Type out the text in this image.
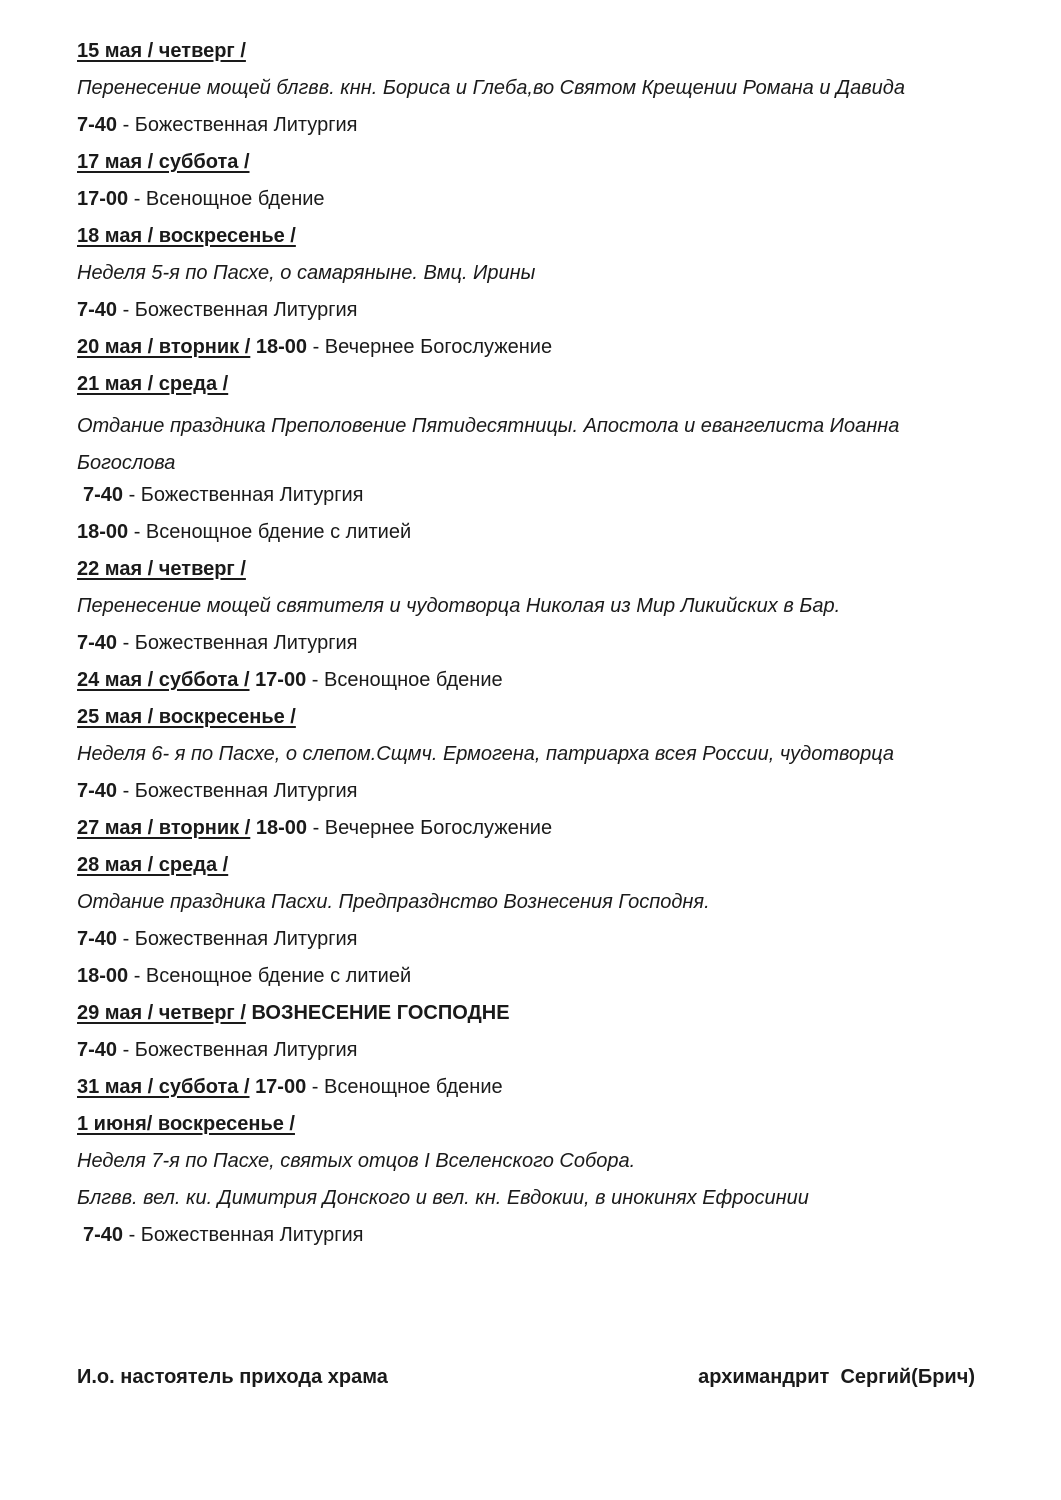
15 мая / четверг /
Перенесение мощей блгвв. кнн. Бориса и Глеба,во Святом Крещении Романа и Давида
7-40 - Божественная Литургия
17 мая / суббота /
17-00 - Всенощное бдение
18 мая / воскресенье /
Неделя 5-я по Пасхе, о самаряныне. Вмц. Ирины
7-40 - Божественная Литургия
20 мая / вторник / 18-00 - Вечернее Богослужение
21 мая / среда /
Отдание праздника Преполовение Пятидесятницы. Апостола и евангелиста Иоанна Богослова
7-40 - Божественная Литургия
18-00 - Всенощное бдение с литией
22 мая / четверг /
Перенесение мощей святителя и чудотворца Николая из Мир Ликийских в Бар.
7-40 - Божественная Литургия
24 мая / суббота / 17-00 - Всенощное бдение
25 мая / воскресенье /
Неделя 6- я по Пасхе, о слепом.Сщмч. Ермогена, патриарха всея России, чудотворца
7-40 - Божественная Литургия
27 мая / вторник / 18-00 - Вечернее Богослужение
28 мая / среда /
Отдание праздника Пасхи. Предпразднство Вознесения Господня.
7-40 - Божественная Литургия
18-00 - Всенощное бдение с литией
29 мая / четверг / ВОЗНЕСЕНИЕ ГОСПОДНЕ
7-40 - Божественная Литургия
31 мая / суббота / 17-00 - Всенощное бдение
1 июня/ воскресенье /
Неделя 7-я по Пасхе, святых отцов I Вселенского Собора.
Блгвв. вел. ки. Димитрия Донского и вел. кн. Евдокии, в инокинях Ефросинии
7-40 - Божественная Литургия
И.о. настоятель прихода храма	архимандрит  Сергий(Брич)
